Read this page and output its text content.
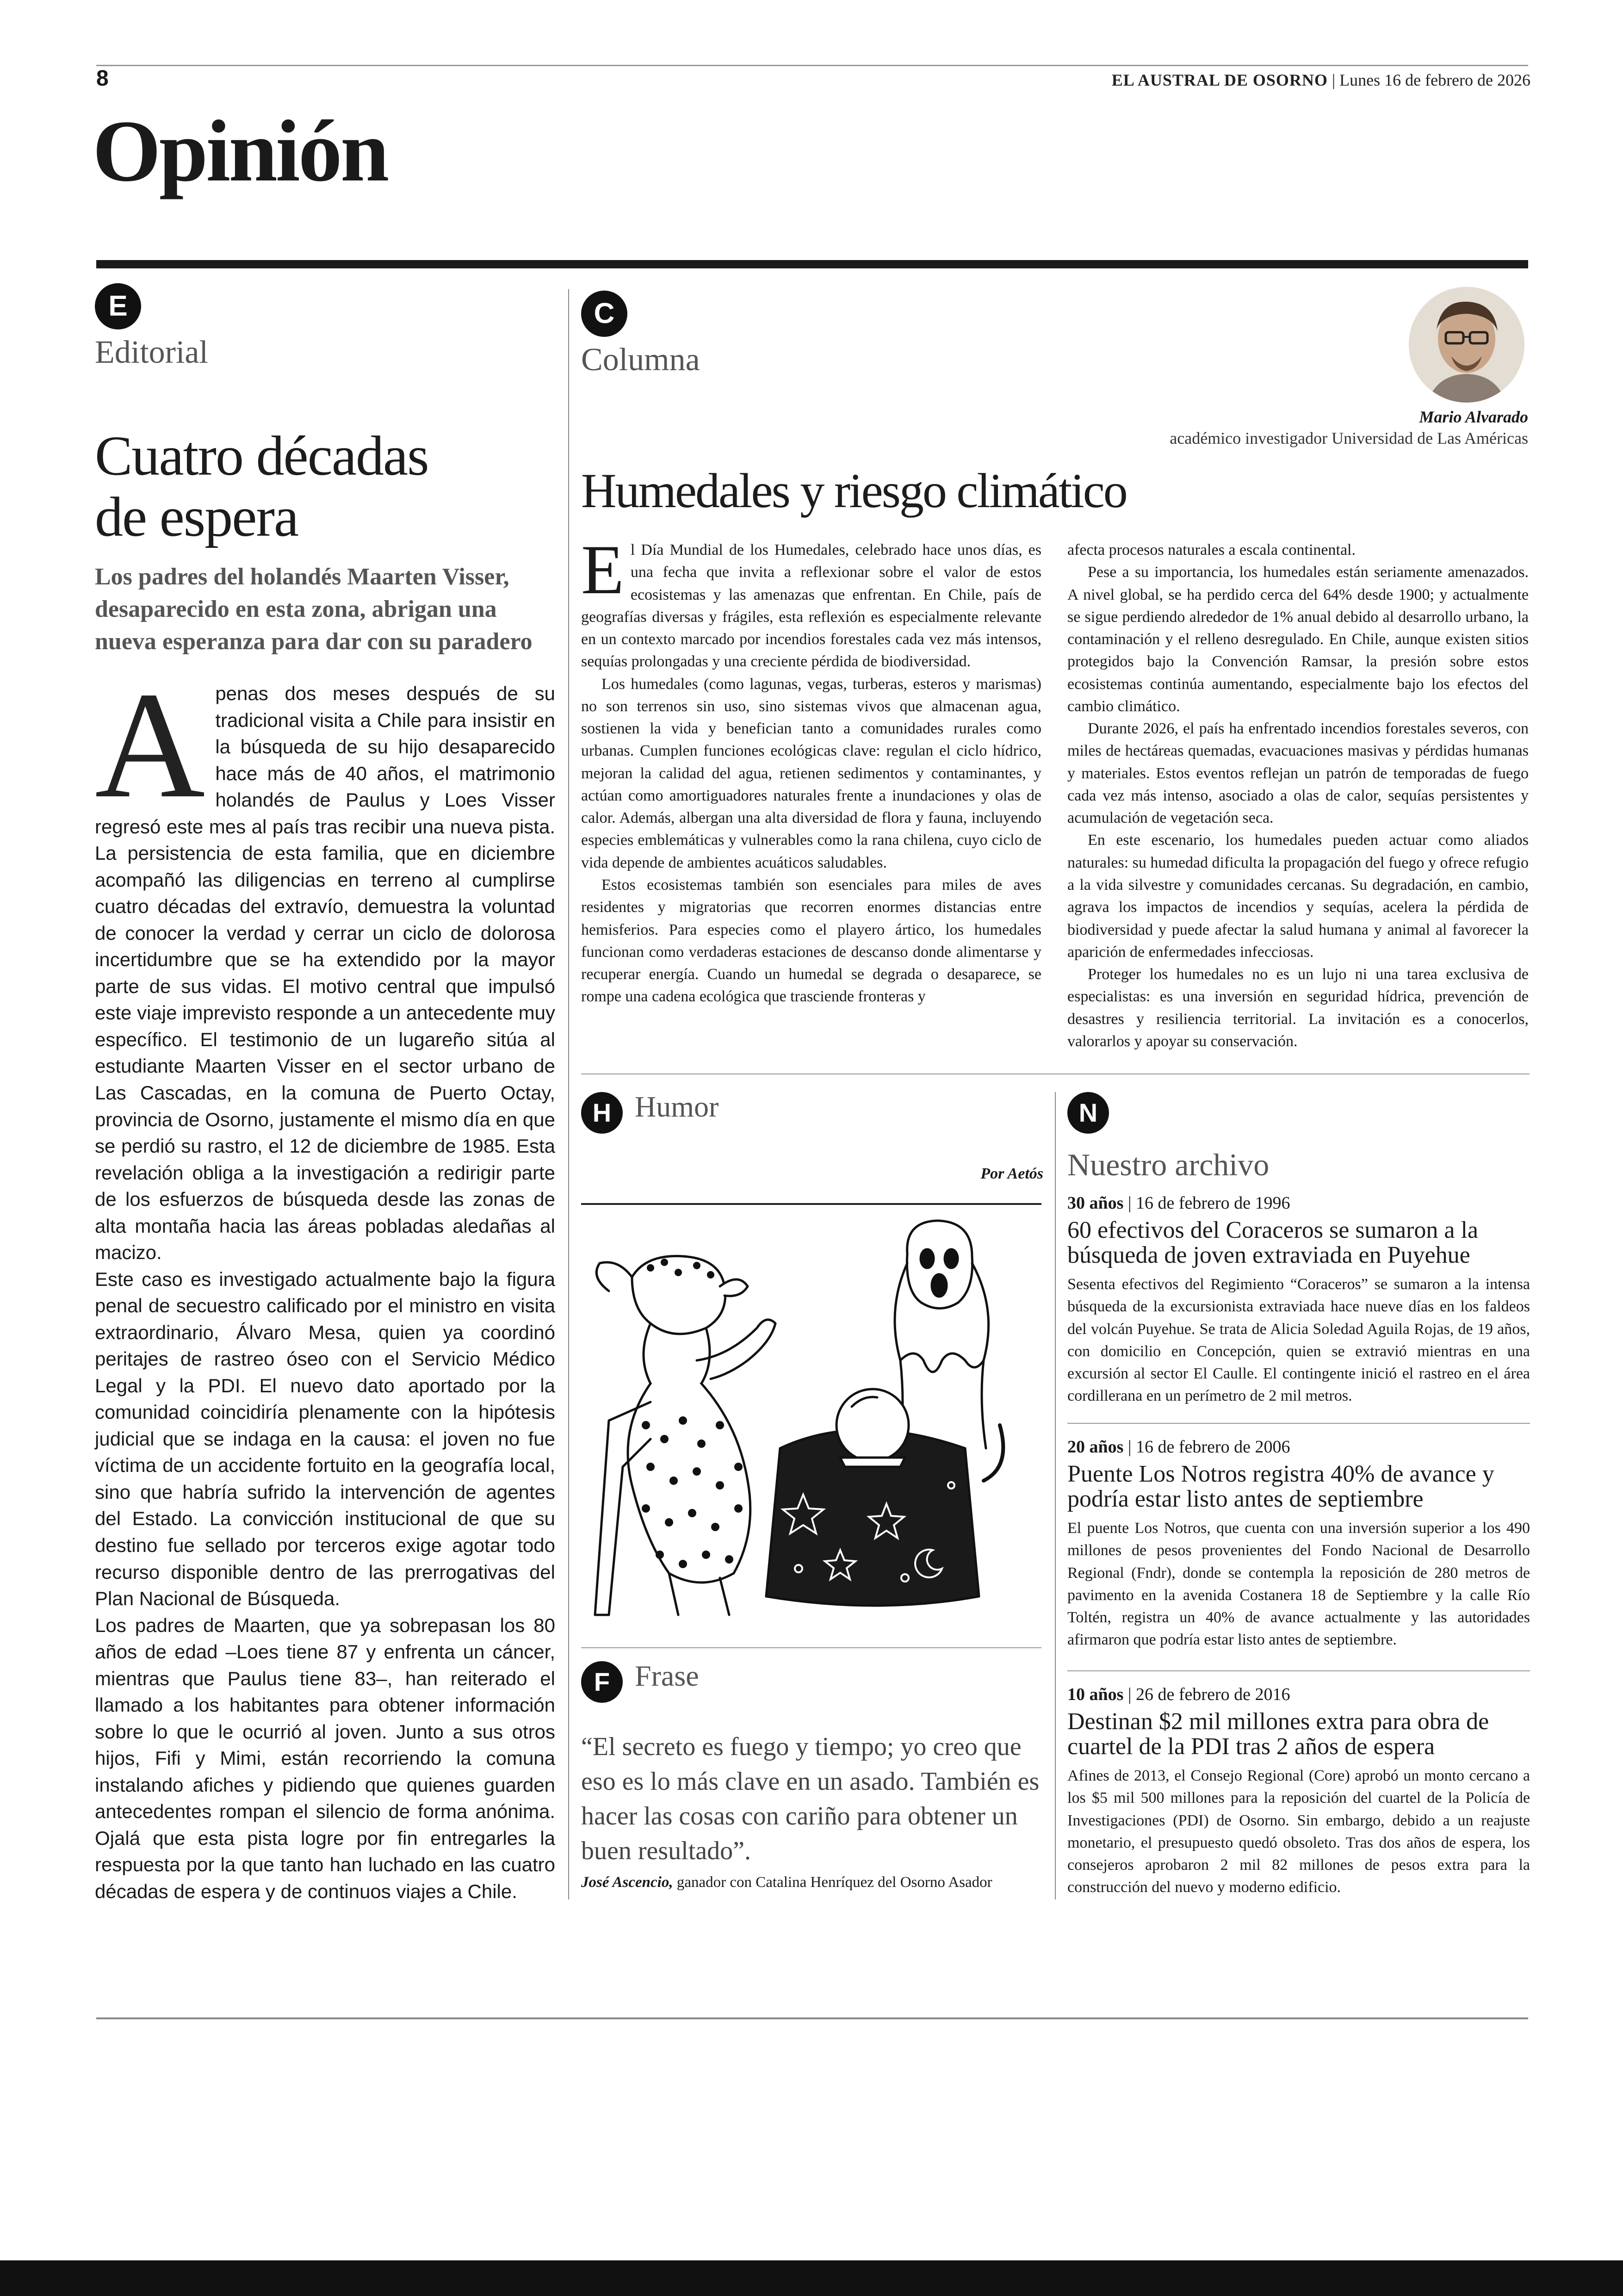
8	EL AUSTRAL DE OSORNO | Lunes 16 de febrero de 2026
Opinión
E
Editorial
Cuatro décadas
de espera
Los padres del holandés Maarten Visser, desaparecido en esta zona, abrigan una nueva esperanza para dar con su paradero

Apenas dos meses después de su tradicional visita a Chile para insistir en la búsqueda de su hijo desaparecido hace más de 40 años, el matrimonio holandés de Paulus y Loes Visser regresó este mes al país tras recibir una nueva pista. La persistencia de esta familia, que en diciembre acompañó las diligencias en terreno al cumplirse cuatro décadas del extravío, demuestra la voluntad de conocer la verdad y cerrar un ciclo de dolorosa incertidumbre que se ha extendido por la mayor parte de sus vidas. El motivo central que impulsó este viaje imprevisto responde a un antecedente muy específico. El testimonio de un lugareño sitúa al estudiante Maarten Visser en el sector urbano de Las Cascadas, en la comuna de Puerto Octay, provincia de Osorno, justamente el mismo día en que se perdió su rastro, el 12 de diciembre de 1985. Esta revelación obliga a la investigación a redirigir parte de los esfuerzos de búsqueda desde las zonas de alta montaña hacia las áreas pobladas aledañas al macizo.

Este caso es investigado actualmente bajo la figura penal de secuestro calificado por el ministro en visita extraordinario, Álvaro Mesa, quien ya coordinó peritajes de rastreo óseo con el Servicio Médico Legal y la PDI. El nuevo dato aportado por la comunidad coincidiría plenamente con la hipótesis judicial que se indaga en la causa: el joven no fue víctima de un accidente fortuito en la geografía local, sino que habría sufrido la intervención de agentes del Estado. La convicción institucional de que su destino fue sellado por terceros exige agotar todo recurso disponible dentro de las prerrogativas del Plan Nacional de Búsqueda.

Los padres de Maarten, que ya sobrepasan los 80 años de edad –Loes tiene 87 y enfrenta un cáncer, mientras que Paulus tiene 83–, han reiterado el llamado a los habitantes para obtener información sobre lo que le ocurrió al joven. Junto a sus otros hijos, Fifi y Mimi, están recorriendo la comuna instalando afiches y pidiendo que quienes guarden antecedentes rompan el silencio de forma anónima. Ojalá que esta pista logre por fin entregarles la respuesta por la que tanto han luchado en las cuatro décadas de espera y de continuos viajes a Chile.

C
Columna
Mario Alvarado
académico investigador Universidad de Las Américas
Humedales y riesgo climático

El Día Mundial de los Humedales, celebrado hace unos días, es una fecha que invita a reflexionar sobre el valor de estos ecosistemas y las amenazas que enfrentan. En Chile, país de geografías diversas y frágiles, esta reflexión es especialmente relevante en un contexto marcado por incendios forestales cada vez más intensos, sequías prolongadas y una creciente pérdida de biodiversidad.

Los humedales (como lagunas, vegas, turberas, esteros y marismas) no son terrenos sin uso, sino sistemas vivos que almacenan agua, sostienen la vida y benefician tanto a comunidades rurales como urbanas. Cumplen funciones ecológicas clave: regulan el ciclo hídrico, mejoran la calidad del agua, retienen sedimentos y contaminantes, y actúan como amortiguadores naturales frente a inundaciones y olas de calor. Además, albergan una alta diversidad de flora y fauna, incluyendo especies emblemáticas y vulnerables como la rana chilena, cuyo ciclo de vida depende de ambientes acuáticos saludables.

Estos ecosistemas también son esenciales para miles de aves residentes y migratorias que recorren enormes distancias entre hemisferios. Para especies como el playero ártico, los humedales funcionan como verdaderas estaciones de descanso donde alimentarse y recuperar energía. Cuando un humedal se degrada o desaparece, se rompe una cadena ecológica que trasciende fronteras y

afecta procesos naturales a escala continental.

Pese a su importancia, los humedales están seriamente amenazados. A nivel global, se ha perdido cerca del 64% desde 1900; y actualmente se sigue perdiendo alrededor de 1% anual debido al desarrollo urbano, la contaminación y el relleno desregulado. En Chile, aunque existen sitios protegidos bajo la Convención Ramsar, la presión sobre estos ecosistemas continúa aumentando, especialmente bajo los efectos del cambio climático.

Durante 2026, el país ha enfrentado incendios forestales severos, con miles de hectáreas quemadas, evacuaciones masivas y pérdidas humanas y materiales. Estos eventos reflejan un patrón de temporadas de fuego cada vez más intenso, asociado a olas de calor, sequías persistentes y acumulación de vegetación seca.

En este escenario, los humedales pueden actuar como aliados naturales: su humedad dificulta la propagación del fuego y ofrece refugio a la vida silvestre y comunidades cercanas. Su degradación, en cambio, agrava los impactos de incendios y sequías, acelera la pérdida de biodiversidad y puede afectar la salud humana y animal al favorecer la aparición de enfermedades infecciosas.

Proteger los humedales no es un lujo ni una tarea exclusiva de especialistas: es una inversión en seguridad hídrica, prevención de desastres y resiliencia territorial. La invitación es a conocerlos, valorarlos y apoyar su conservación.

H Humor
Por Aetós
F Frase
“El secreto es fuego y tiempo; yo creo que eso es lo más clave en un asado. También es hacer las cosas con cariño para obtener un buen resultado”.
José Ascencio, ganador con Catalina Henríquez del Osorno Asador
N
Nuestro archivo
30 años | 16 de febrero de 1996
60 efectivos del Coraceros se sumaron a la búsqueda de joven extraviada en Puyehue
Sesenta efectivos del Regimiento “Coraceros” se sumaron a la intensa búsqueda de la excursionista extraviada hace nueve días en los faldeos del volcán Puyehue. Se trata de Alicia Soledad Aguila Rojas, de 19 años, con domicilio en Concepción, quien se extravió mientras en una excursión al sector El Caulle. El contingente inició el rastreo en el área cordillerana en un perímetro de 2 mil metros.
20 años | 16 de febrero de 2006
Puente Los Notros registra 40% de avance y podría estar listo antes de septiembre
El puente Los Notros, que cuenta con una inversión superior a los 490 millones de pesos provenientes del Fondo Nacional de Desarrollo Regional (Fndr), donde se contempla la reposición de 280 metros de pavimento en la avenida Costanera 18 de Septiembre y la calle Río Toltén, registra un 40% de avance actualmente y las autoridades afirmaron que podría estar listo antes de septiembre.
10 años | 26 de febrero de 2016
Destinan $2 mil millones extra para obra de cuartel de la PDI tras 2 años de espera
Afines de 2013, el Consejo Regional (Core) aprobó un monto cercano a los $5 mil 500 millones para la reposición del cuartel de la Policía de Investigaciones (PDI) de Osorno. Sin embargo, debido a un reajuste monetario, el presupuesto quedó obsoleto. Tras dos años de espera, los consejeros aprobaron 2 mil 82 millones de pesos extra para la construcción del nuevo y moderno edificio.
